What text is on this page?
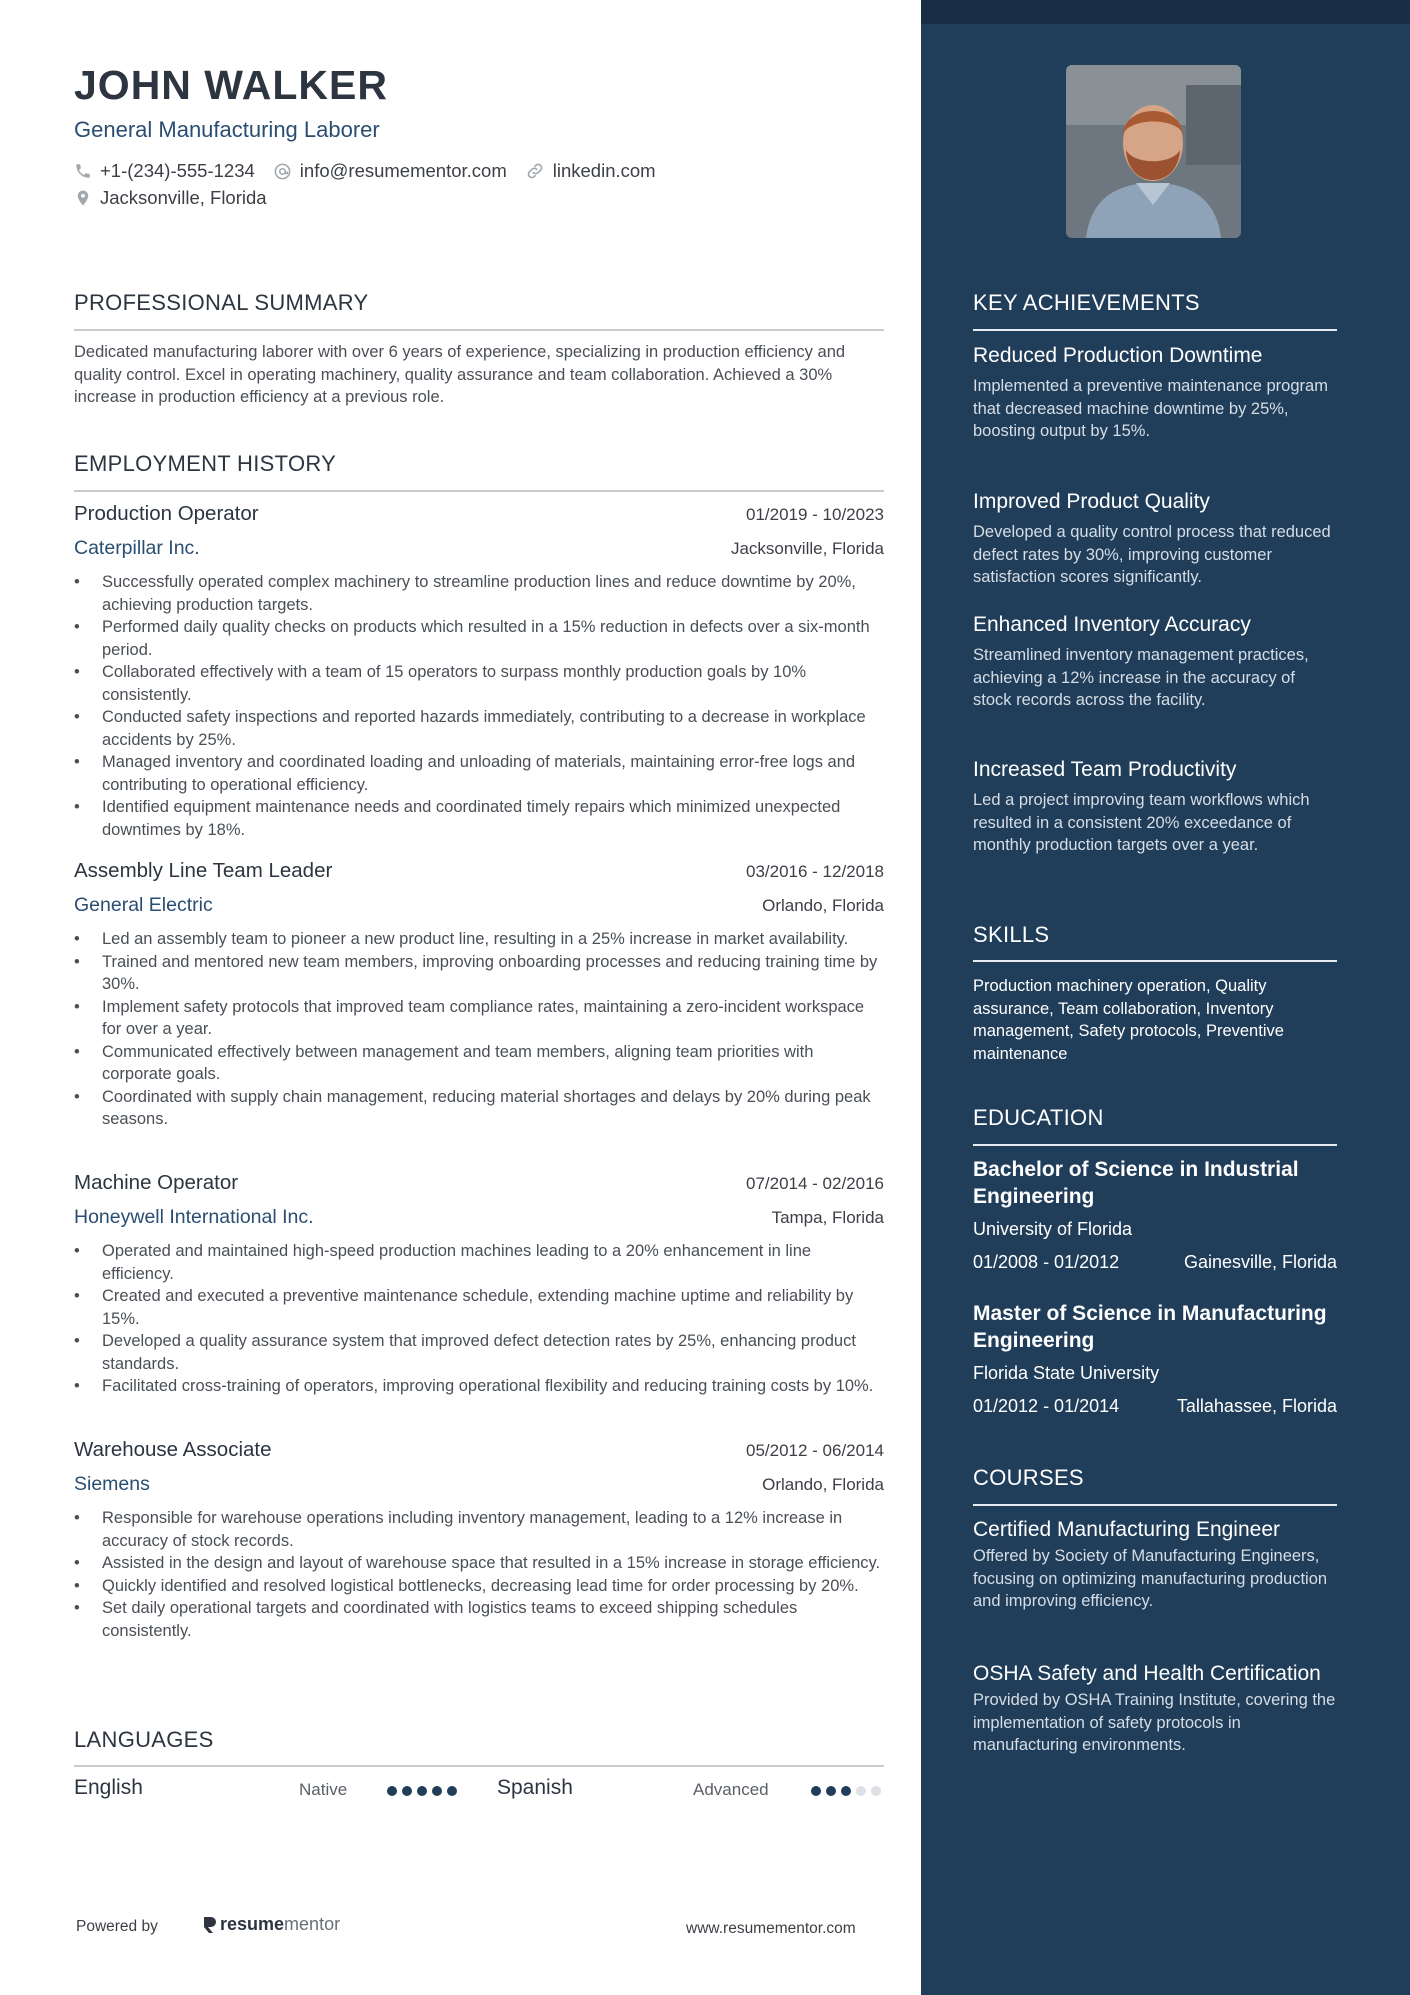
JOHN WALKER
General Manufacturing Laborer
+1-(234)-555-1234 info@resumementor.com linkedin.com
Jacksonville, Florida
PROFESSIONAL SUMMARY
Dedicated manufacturing laborer with over 6 years of experience, specializing in production efficiency and quality control. Excel in operating machinery, quality assurance and team collaboration. Achieved a 30% increase in production efficiency at a previous role.
EMPLOYMENT HISTORY
Production Operator	01/2019 - 10/2023
Caterpillar Inc.	Jacksonville, Florida
• Successfully operated complex machinery to streamline production lines and reduce downtime by 20%, achieving production targets.
• Performed daily quality checks on products which resulted in a 15% reduction in defects over a six-month period.
• Collaborated effectively with a team of 15 operators to surpass monthly production goals by 10% consistently.
• Conducted safety inspections and reported hazards immediately, contributing to a decrease in workplace accidents by 25%.
• Managed inventory and coordinated loading and unloading of materials, maintaining error-free logs and contributing to operational efficiency.
• Identified equipment maintenance needs and coordinated timely repairs which minimized unexpected downtimes by 18%.
Assembly Line Team Leader	03/2016 - 12/2018
General Electric	Orlando, Florida
• Led an assembly team to pioneer a new product line, resulting in a 25% increase in market availability.
• Trained and mentored new team members, improving onboarding processes and reducing training time by 30%.
• Implement safety protocols that improved team compliance rates, maintaining a zero-incident workspace for over a year.
• Communicated effectively between management and team members, aligning team priorities with corporate goals.
• Coordinated with supply chain management, reducing material shortages and delays by 20% during peak seasons.
Machine Operator	07/2014 - 02/2016
Honeywell International Inc.	Tampa, Florida
• Operated and maintained high-speed production machines leading to a 20% enhancement in line efficiency.
• Created and executed a preventive maintenance schedule, extending machine uptime and reliability by 15%.
• Developed a quality assurance system that improved defect detection rates by 25%, enhancing product standards.
• Facilitated cross-training of operators, improving operational flexibility and reducing training costs by 10%.
Warehouse Associate	05/2012 - 06/2014
Siemens	Orlando, Florida
• Responsible for warehouse operations including inventory management, leading to a 12% increase in accuracy of stock records.
• Assisted in the design and layout of warehouse space that resulted in a 15% increase in storage efficiency.
• Quickly identified and resolved logistical bottlenecks, decreasing lead time for order processing by 20%.
• Set daily operational targets and coordinated with logistics teams to exceed shipping schedules consistently.
LANGUAGES
English	Native	Spanish	Advanced
Powered by	resume mentor	www.resumementor.com
KEY ACHIEVEMENTS
Reduced Production Downtime
Implemented a preventive maintenance program that decreased machine downtime by 25%, boosting output by 15%.
Improved Product Quality
Developed a quality control process that reduced defect rates by 30%, improving customer satisfaction scores significantly.
Enhanced Inventory Accuracy
Streamlined inventory management practices, achieving a 12% increase in the accuracy of stock records across the facility.
Increased Team Productivity
Led a project improving team workflows which resulted in a consistent 20% exceedance of monthly production targets over a year.
SKILLS
Production machinery operation, Quality assurance, Team collaboration, Inventory management, Safety protocols, Preventive maintenance
EDUCATION
Bachelor of Science in Industrial Engineering
University of Florida
01/2008 - 01/2012	Gainesville, Florida
Master of Science in Manufacturing Engineering
Florida State University
01/2012 - 01/2014	Tallahassee, Florida
COURSES
Certified Manufacturing Engineer
Offered by Society of Manufacturing Engineers, focusing on optimizing manufacturing production and improving efficiency.
OSHA Safety and Health Certification
Provided by OSHA Training Institute, covering the implementation of safety protocols in manufacturing environments.
